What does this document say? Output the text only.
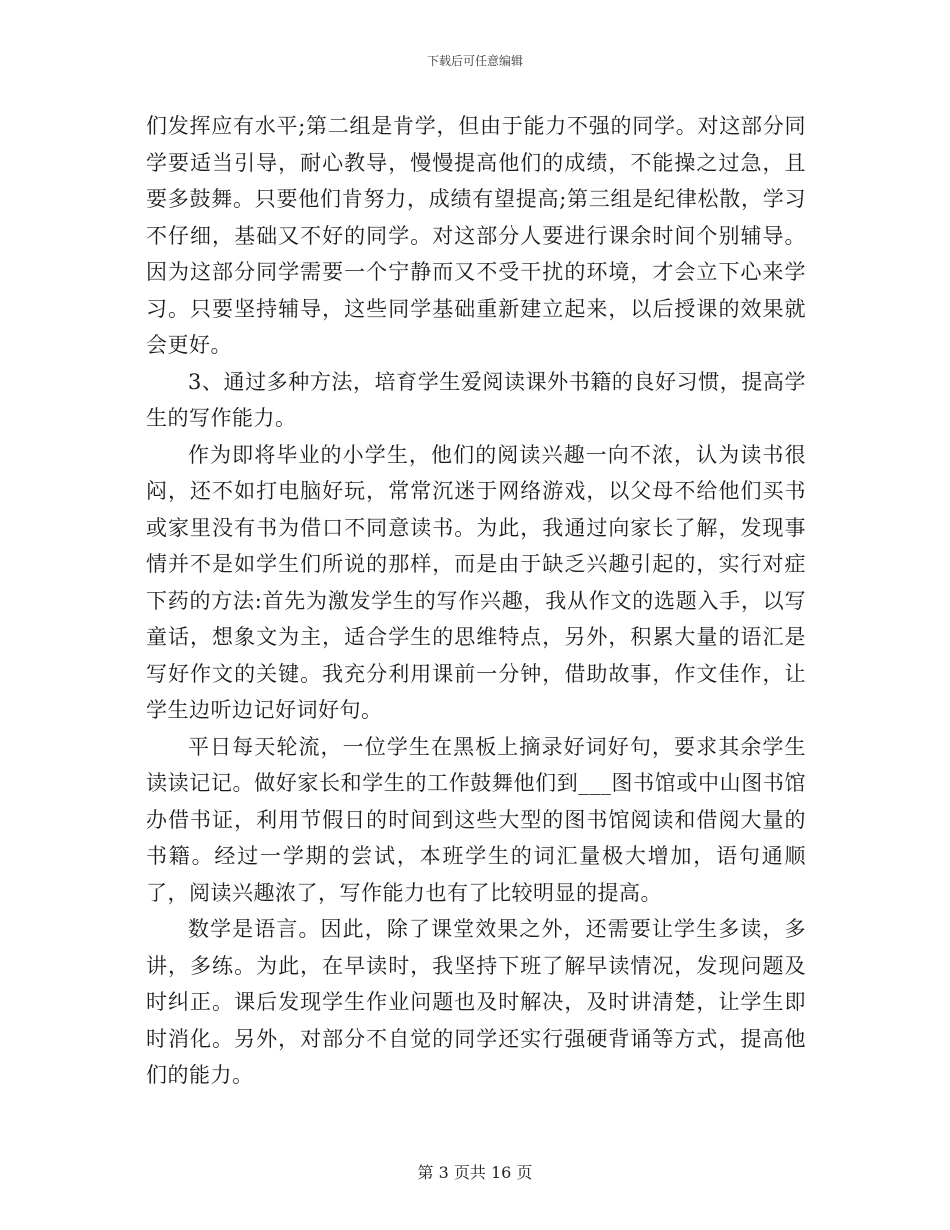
下载后可任意编辑

们发挥应有水平;第二组是肯学，但由于能力不强的同学。对这部分同学要适当引导，耐心教导，慢慢提高他们的成绩，不能操之过急，且要多鼓舞。只要他们肯努力，成绩有望提高;第三组是纪律松散，学习不仔细，基础又不好的同学。对这部分人要进行课余时间个别辅导。因为这部分同学需要一个宁静而又不受干扰的环境，才会立下心来学习。只要坚持辅导，这些同学基础重新建立起来，以后授课的效果就会更好。

3、通过多种方法，培育学生爱阅读课外书籍的良好习惯，提高学生的写作能力。

作为即将毕业的小学生，他们的阅读兴趣一向不浓，认为读书很闷，还不如打电脑好玩，常常沉迷于网络游戏，以父母不给他们买书或家里没有书为借口不同意读书。为此，我通过向家长了解，发现事情并不是如学生们所说的那样，而是由于缺乏兴趣引起的，实行对症下药的方法:首先为激发学生的写作兴趣，我从作文的选题入手，以写童话，想象文为主，适合学生的思维特点，另外，积累大量的语汇是写好作文的关键。我充分利用课前一分钟，借助故事，作文佳作，让学生边听边记好词好句。

平日每天轮流，一位学生在黑板上摘录好词好句，要求其余学生读读记记。做好家长和学生的工作鼓舞他们到___图书馆或中山图书馆办借书证，利用节假日的时间到这些大型的图书馆阅读和借阅大量的书籍。经过一学期的尝试，本班学生的词汇量极大增加，语句通顺了，阅读兴趣浓了，写作能力也有了比较明显的提高。

数学是语言。因此，除了课堂效果之外，还需要让学生多读，多讲，多练。为此，在早读时，我坚持下班了解早读情况，发现问题及时纠正。课后发现学生作业问题也及时解决，及时讲清楚，让学生即时消化。另外，对部分不自觉的同学还实行强硬背诵等方式，提高他们的能力。

第 3 页共 16 页
